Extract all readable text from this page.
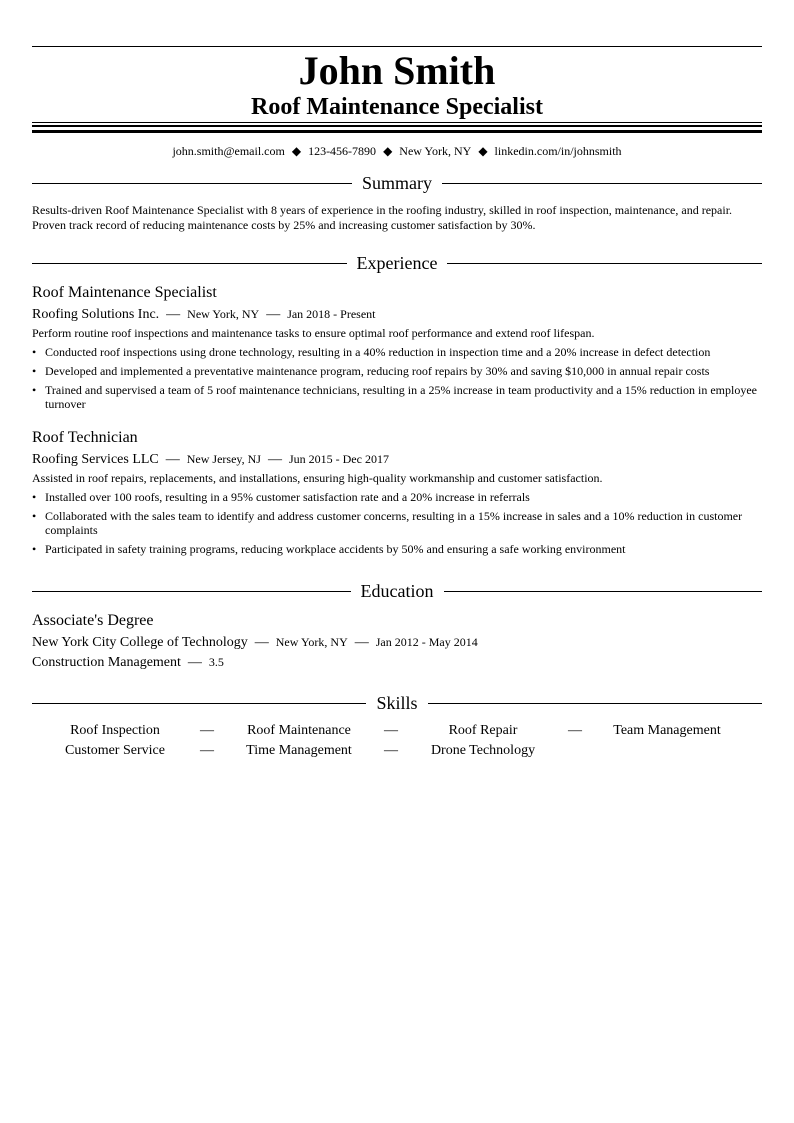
John Smith
Roof Maintenance Specialist
john.smith@email.com ◆ 123-456-7890 ◆ New York, NY ◆ linkedin.com/in/johnsmith
Summary
Results-driven Roof Maintenance Specialist with 8 years of experience in the roofing industry, skilled in roof inspection, maintenance, and repair. Proven track record of reducing maintenance costs by 25% and increasing customer satisfaction by 30%.
Experience
Roof Maintenance Specialist
Roofing Solutions Inc. — New York, NY — Jan 2018 - Present
Perform routine roof inspections and maintenance tasks to ensure optimal roof performance and extend roof lifespan.
• Conducted roof inspections using drone technology, resulting in a 40% reduction in inspection time and a 20% increase in defect detection
• Developed and implemented a preventative maintenance program, reducing roof repairs by 30% and saving $10,000 in annual repair costs
• Trained and supervised a team of 5 roof maintenance technicians, resulting in a 25% increase in team productivity and a 15% reduction in employee turnover
Roof Technician
Roofing Services LLC — New Jersey, NJ — Jun 2015 - Dec 2017
Assisted in roof repairs, replacements, and installations, ensuring high-quality workmanship and customer satisfaction.
• Installed over 100 roofs, resulting in a 95% customer satisfaction rate and a 20% increase in referrals
• Collaborated with the sales team to identify and address customer concerns, resulting in a 15% increase in sales and a 10% reduction in customer complaints
• Participated in safety training programs, reducing workplace accidents by 50% and ensuring a safe working environment
Education
Associate's Degree
New York City College of Technology — New York, NY — Jan 2012 - May 2014
Construction Management — 3.5
Skills
Roof Inspection	—	Roof Maintenance	—	Roof Repair	—	Team Management
Customer Service	—	Time Management	—	Drone Technology
